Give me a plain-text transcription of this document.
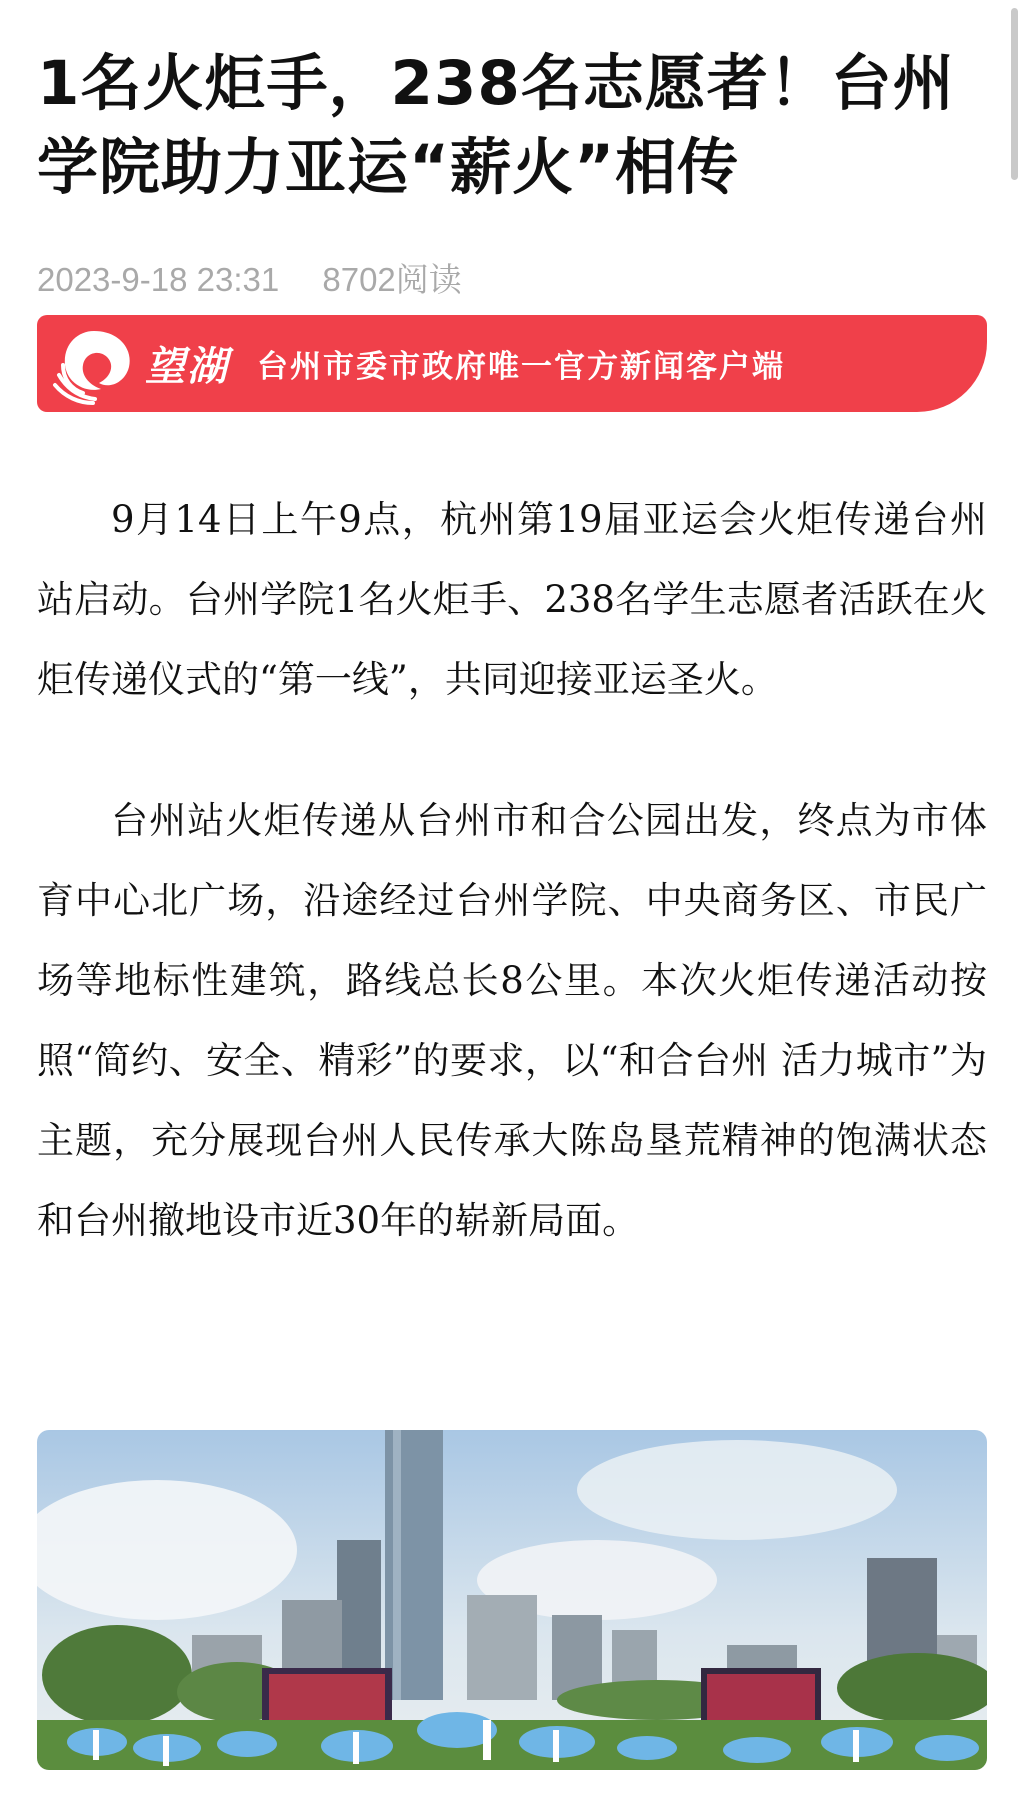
1名火炬手，238名志愿者！台州学院助力亚运“薪火”相传
2023-9-18 23:31 8702阅读
望湖 台州市委市政府唯一官方新闻客户端

9月14日上午9点，杭州第19届亚运会火炬传递台州站启动。台州学院1名火炬手、238名学生志愿者活跃在火炬传递仪式的“第一线”，共同迎接亚运圣火。

台州站火炬传递从台州市和合公园出发，终点为市体育中心北广场，沿途经过台州学院、中央商务区、市民广场等地标性建筑，路线总长8公里。本次火炬传递活动按照“简约、安全、精彩”的要求，以“和合台州 活力城市”为主题，充分展现台州人民传承大陈岛垦荒精神的饱满状态和台州撤地设市近30年的崭新局面。
